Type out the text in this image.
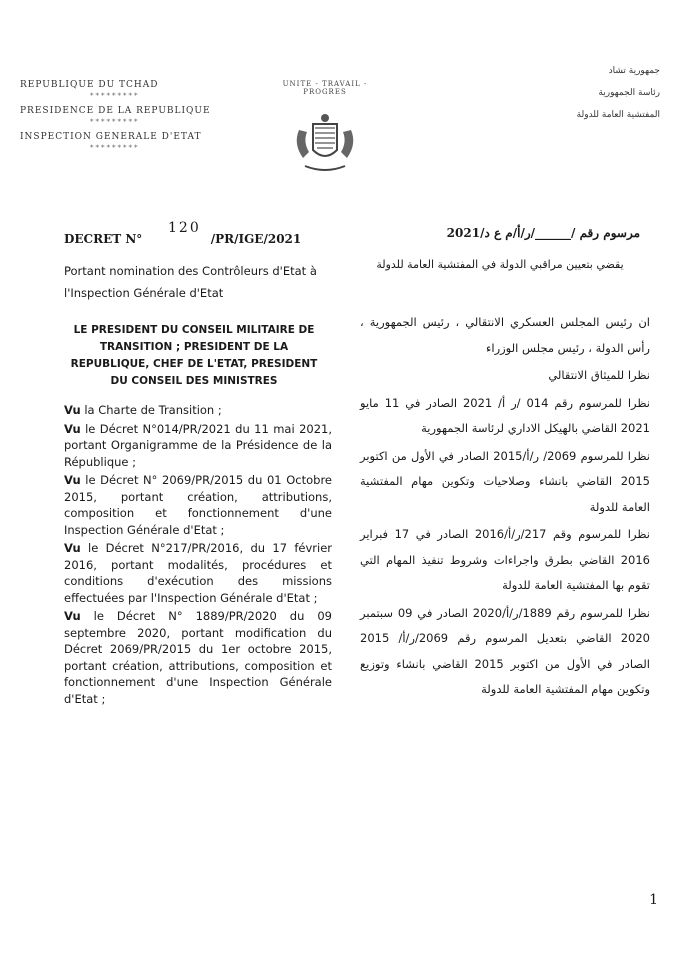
REPUBLIQUE DU TCHAD
*********
PRESIDENCE DE LA REPUBLIQUE
*********
INSPECTION GENERALE D'ETAT
*********
UNITE - TRAVAIL - PROGRES
جمهورية تشاد
رئاسة الجمهورية
المفتشية العامة للدولة
DECRET N°	/PR/IGE/2021
120
Portant nomination des Contrôleurs d'Etat à l'Inspection Générale d'Etat
مرسوم رقم /______/ر/أ/م ع د/2021
يقضي بتعيين مراقبي الدولة في المفتشية العامة للدولة
LE PRESIDENT DU CONSEIL MILITAIRE DE TRANSITION ; PRESIDENT DE LA REPUBLIQUE, CHEF DE L'ETAT, PRESIDENT DU CONSEIL DES MINISTRES

Vu la Charte de Transition ;

Vu le Décret N°014/PR/2021 du 11 mai 2021, portant Organigramme de la Présidence de la République ;

Vu le Décret N° 2069/PR/2015 du 01 Octobre 2015, portant création, attributions, composition et fonctionnement d'une Inspection Générale d'Etat ;

Vu le Décret N°217/PR/2016, du 17 février 2016, portant modalités, procédures et conditions d'exécution des missions effectuées par l'Inspection Générale d'Etat ;

Vu le Décret N° 1889/PR/2020 du 09 septembre 2020, portant modification du Décret 2069/PR/2015 du 1er octobre 2015, portant création, attributions, composition et fonctionnement d'une Inspection Générale d'Etat ;

ان رئيس المجلس العسكري الانتقالي ، رئيس الجمهورية ، رأس الدولة ، رئيس مجلس الوزراء

نظرا للميثاق الانتقالي

نظرا للمرسوم رقم 014 /ر أ/ 2021 الصادر في 11 مايو 2021 القاضي بالهيكل الاداري لرئاسة الجمهورية

نظرا للمرسوم 2069/ ر/أ/2015 الصادر في الأول من اكتوبر 2015 القاضي بانشاء وصلاحيات وتكوين مهام المفتشية العامة للدولة

نظرا للمرسوم وقم 217/ر/أ/2016 الصادر في 17 فبراير 2016 القاضي بطرق واجراءات وشروط تنفيذ المهام التي تقوم بها المفتشية العامة للدولة

نظرا للمرسوم رقم 1889/ر/أ/2020 الصادر في 09 سبتمبر 2020 القاضي بتعديل المرسوم رقم 2069/ر/أ/ 2015 الصادر في الأول من اكتوبر 2015 القاضي بانشاء وتوزيع وتكوين مهام المفتشية العامة للدولة

1
